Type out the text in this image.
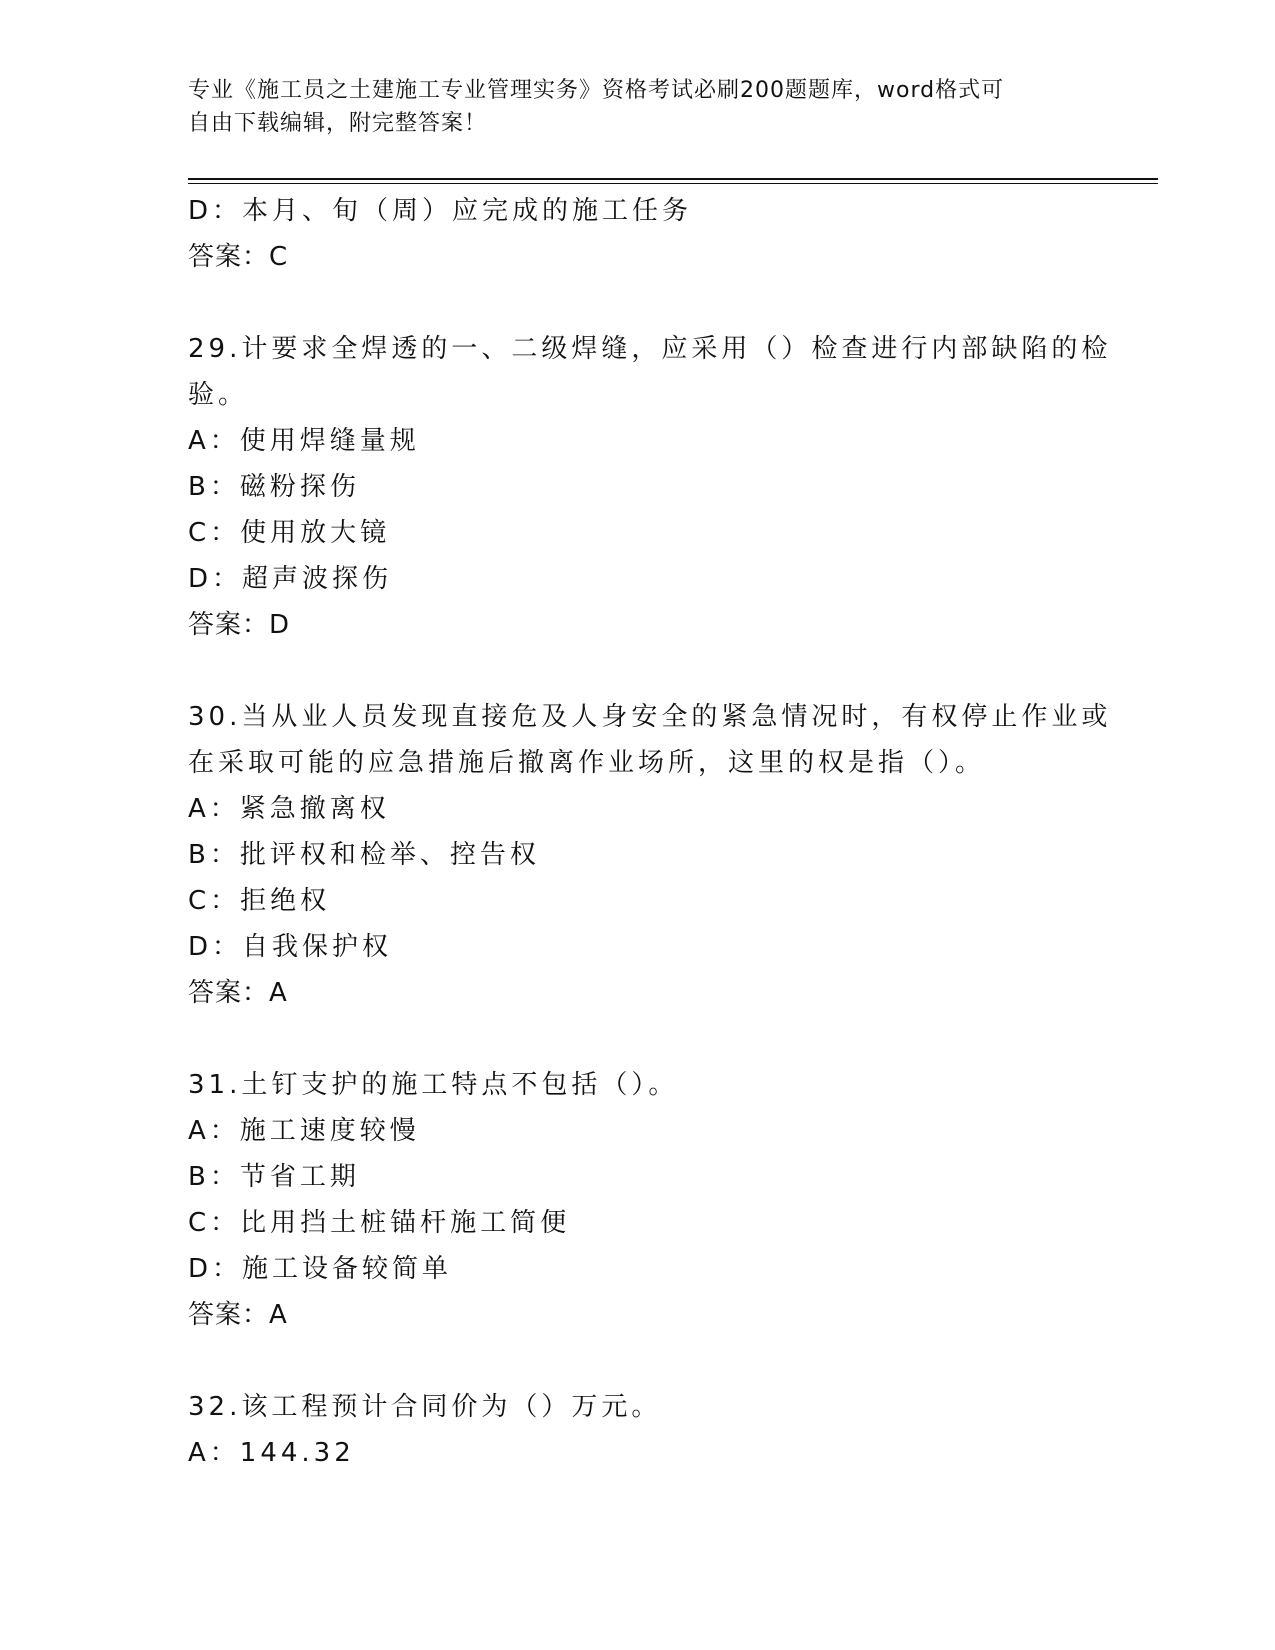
专业《施工员之土建施工专业管理实务》资格考试必刷200题题库，word格式可

自由下载编辑，附完整答案！

D：本月、旬（周）应完成的施工任务
答案：C
29.计要求全焊透的一、二级焊缝，应采用（）检查进行内部缺陷的检
验。
A：使用焊缝量规
B：磁粉探伤
C：使用放大镜
D：超声波探伤
答案：D
30.当从业人员发现直接危及人身安全的紧急情况时，有权停止作业或
在采取可能的应急措施后撤离作业场所，这里的权是指（）。
A：紧急撤离权
B：批评权和检举、控告权
C：拒绝权
D：自我保护权
答案：A
31.土钉支护的施工特点不包括（）。
A：施工速度较慢
B：节省工期
C：比用挡土桩锚杆施工简便
D：施工设备较简单
答案：A
32.该工程预计合同价为（）万元。
A：144.32
